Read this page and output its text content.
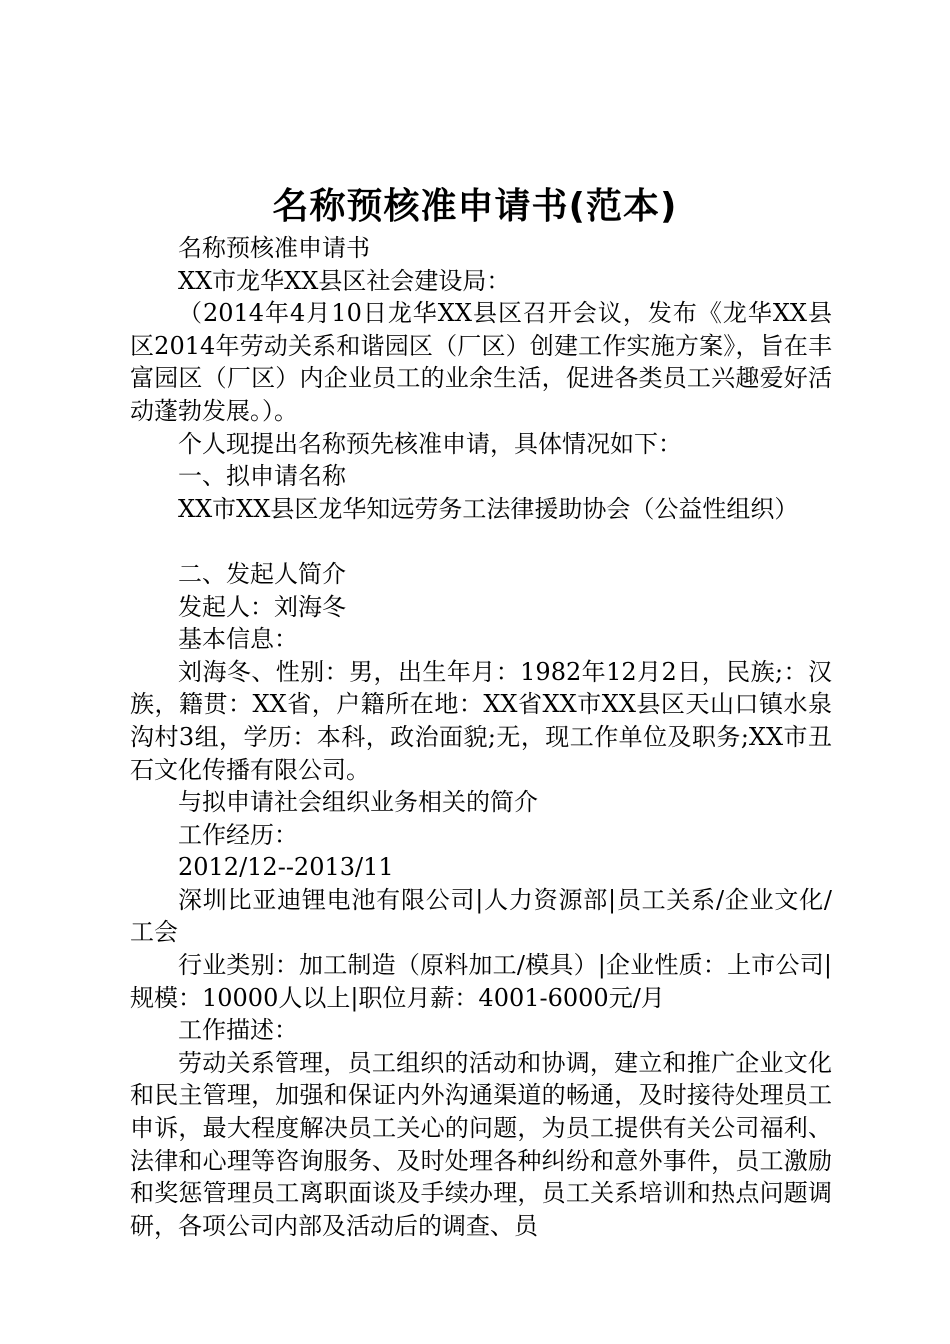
名称预核准申请书(范本)

名称预核准申请书

XX市龙华XX县区社会建设局：

（2014年4月10日龙华XX县区召开会议，发布《龙华XX县区2014年劳动关系和谐园区（厂区）创建工作实施方案》，旨在丰富园区（厂区）内企业员工的业余生活，促进各类员工兴趣爱好活动蓬勃发展。）。

个人现提出名称预先核准申请，具体情况如下：

一、拟申请名称

XX市XX县区龙华知远劳务工法律援助协会（公益性组织）

二、发起人简介

发起人：刘海冬

基本信息：

刘海冬、性别：男，出生年月：1982年12月2日，民族;：汉族，籍贯：XX省，户籍所在地：XX省XX市XX县区天山口镇水泉沟村3组，学历：本科，政治面貌;无，现工作单位及职务;XX市丑石文化传播有限公司。

与拟申请社会组织业务相关的简介

工作经历：

2012/12--2013/11

深圳比亚迪锂电池有限公司|人力资源部|员工关系/企业文化/工会

行业类别：加工制造（原料加工/模具）|企业性质：上市公司|规模：10000人以上|职位月薪：4001-6000元/月

工作描述：

劳动关系管理，员工组织的活动和协调，建立和推广企业文化和民主管理，加强和保证内外沟通渠道的畅通，及时接待处理员工申诉，最大程度解决员工关心的问题，为员工提供有关公司福利、法律和心理等咨询服务、及时处理各种纠纷和意外事件，员工激励和奖惩管理员工离职面谈及手续办理，员工关系培训和热点问题调研，各项公司内部及活动后的调查、员
